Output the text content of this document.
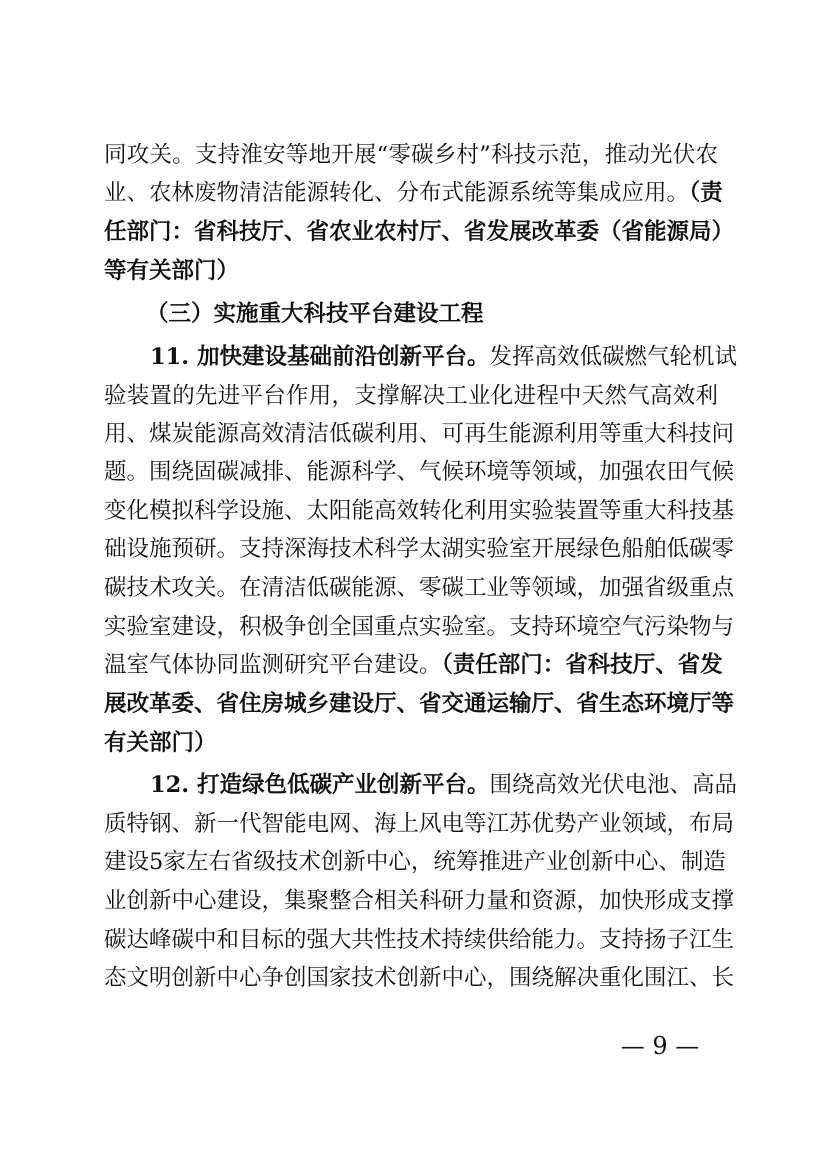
同攻关。支持淮安等地开展“零碳乡村”科技示范，推动光伏农
业、农林废物清洁能源转化、分布式能源系统等集成应用。（责
任部门：省科技厅、省农业农村厅、省发展改革委（省能源局）
等有关部门）
（三）实施重大科技平台建设工程
11. 加快建设基础前沿创新平台。发挥高效低碳燃气轮机试
验装置的先进平台作用，支撑解决工业化进程中天然气高效利
用、煤炭能源高效清洁低碳利用、可再生能源利用等重大科技问
题。围绕固碳减排、能源科学、气候环境等领域，加强农田气候
变化模拟科学设施、太阳能高效转化利用实验装置等重大科技基
础设施预研。支持深海技术科学太湖实验室开展绿色船舶低碳零
碳技术攻关。在清洁低碳能源、零碳工业等领域，加强省级重点
实验室建设，积极争创全国重点实验室。支持环境空气污染物与
温室气体协同监测研究平台建设。（责任部门：省科技厅、省发
展改革委、省住房城乡建设厅、省交通运输厅、省生态环境厅等
有关部门）
12. 打造绿色低碳产业创新平台。围绕高效光伏电池、高品
质特钢、新一代智能电网、海上风电等江苏优势产业领域，布局
建设5家左右省级技术创新中心，统筹推进产业创新中心、制造
业创新中心建设，集聚整合相关科研力量和资源，加快形成支撑
碳达峰碳中和目标的强大共性技术持续供给能力。支持扬子江生
态文明创新中心争创国家技术创新中心，围绕解决重化围江、长
— 9 —
